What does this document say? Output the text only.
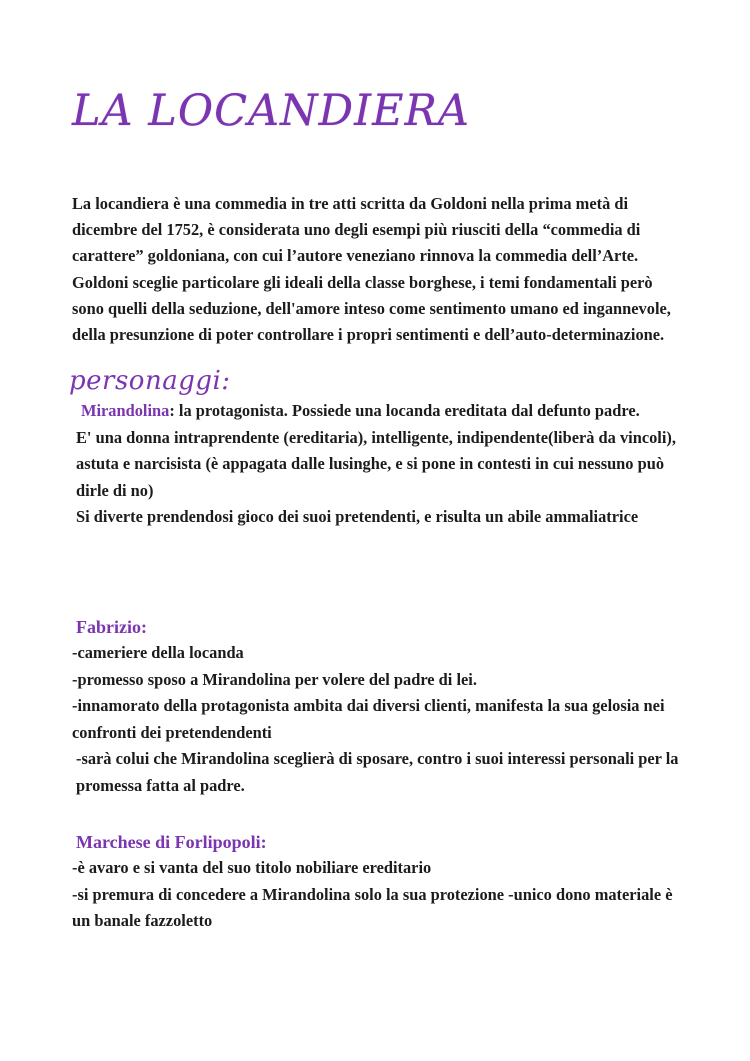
LA LOCANDIERA

La locandiera è una commedia in tre atti scritta da Goldoni nella prima metà di dicembre del 1752, è considerata uno degli esempi più riusciti della “commedia di carattere” goldoniana, con cui l’autore veneziano rinnova la commedia dell’Arte. Goldoni sceglie particolare gli ideali della classe borghese, i temi fondamentali però sono quelli della seduzione, dell'amore inteso come sentimento umano ed ingannevole, della presunzione di poter controllare i propri sentimenti e dell’auto-determinazione.

personaggi:

Mirandolina: la protagonista. Possiede una locanda ereditata dal defunto padre.

E' una donna intraprendente (ereditaria), intelligente, indipendente(liberà da vincoli), astuta e narcisista (è appagata dalle lusinghe, e si pone in contesti in cui nessuno può dirle di no)

Si diverte prendendosi gioco dei suoi pretendenti, e risulta un abile ammaliatrice

Fabrizio:

-cameriere della locanda

-promesso sposo a Mirandolina per volere del padre di lei.

-innamorato della protagonista ambita dai diversi clienti, manifesta la sua gelosia nei confronti dei pretendendenti

-sarà colui che Mirandolina sceglierà di sposare, contro i suoi interessi personali per la promessa fatta al padre.

Marchese di Forlipopoli:

-è avaro e si vanta del suo titolo nobiliare ereditario

-si premura di concedere a Mirandolina solo la sua protezione -unico dono materiale è un banale fazzoletto
